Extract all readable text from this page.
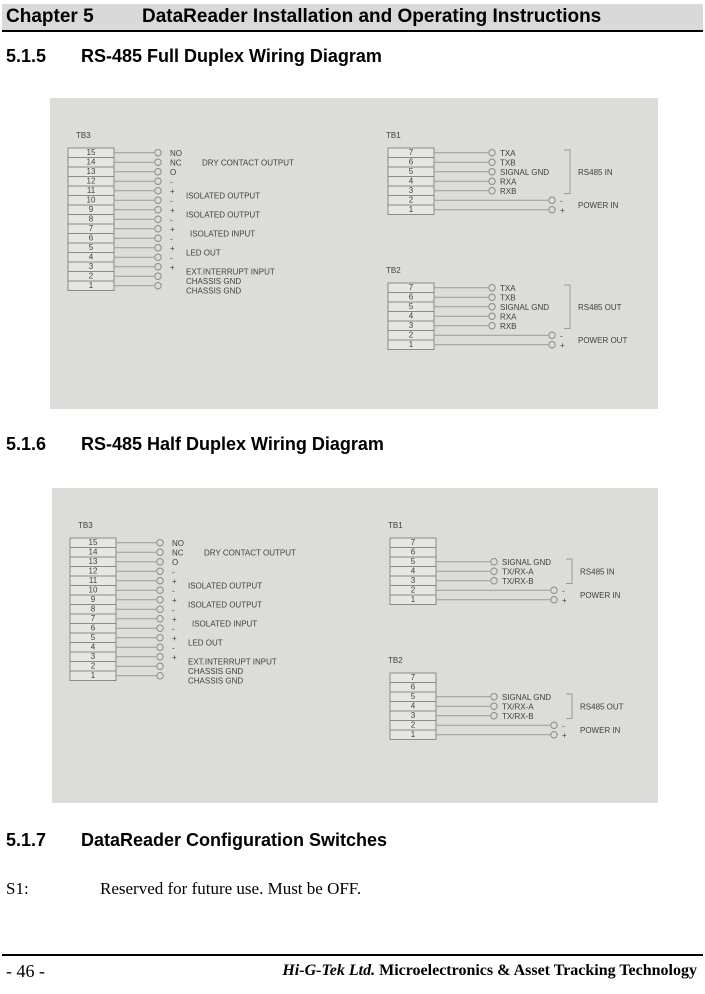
Chapter 5	DataReader Installation and Operating Instructions
5.1.5 RS-485 Full Duplex Wiring Diagram
TB3
15
14
13
12
11
10
9
8
7
6
5
4
3
2
1
NO
NC
O
-
+
-
+
-
+
-
+
-
+
DRY CONTACT OUTPUT
ISOLATED OUTPUT
ISOLATED OUTPUT
ISOLATED INPUT
LED OUT
EXT.INTERRUPT INPUT
CHASSIS GND
CHASSIS GND
TB1
7
6
5
4
3
2
1
TXA
TXB
SIGNAL GND
RXA
RXB
RS485 IN
-
+
POWER IN
TB2
7
6
5
4
3
2
1
TXA
TXB
SIGNAL GND
RXA
RXB
RS485 OUT
-
+
POWER OUT
5.1.6 RS-485 Half Duplex Wiring Diagram
TB3
15
14
13
12
11
10
9
8
7
6
5
4
3
2
1
NO
NC
O
-
+
-
+
-
+
-
+
-
+
DRY CONTACT OUTPUT
ISOLATED OUTPUT
ISOLATED OUTPUT
ISOLATED INPUT
LED OUT
EXT.INTERRUPT INPUT
CHASSIS GND
CHASSIS GND
TB1
7
6
5
4
3
2
1
SIGNAL GND
TX/RX-A
TX/RX-B
RS485 IN
-
+
POWER IN
TB2
7
6
5
4
3
2
1
SIGNAL GND
TX/RX-A
TX/RX-B
RS485 OUT
-
+
POWER IN
5.1.7 DataReader Configuration Switches
S1:	Reserved for future use. Must be OFF.
- 46 -	Hi-G-Tek Ltd. Microelectronics & Asset Tracking Technology
